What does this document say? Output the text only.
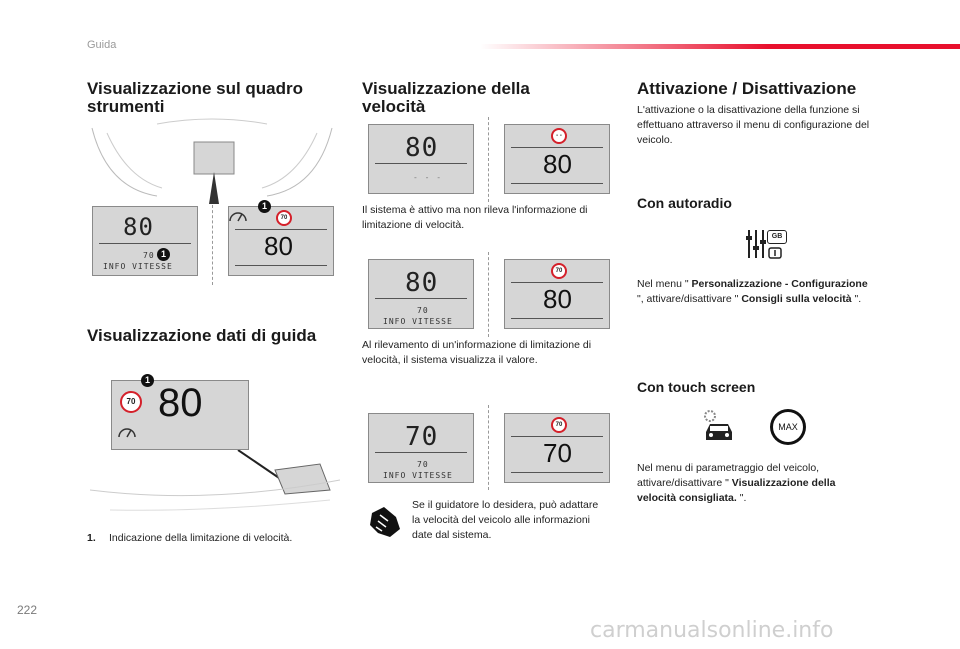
Guida
Visualizzazione sul quadro strumenti
80
70
INFO VITESSE
1
70
80
1
Visualizzazione dati di guida
70 80
1
1. Indicazione della limitazione di velocità.
Visualizzazione della velocità
80
- - -
- -
80
Il sistema è attivo ma non rileva l'informazione di limitazione di velocità.
80
70
INFO VITESSE
70
80
Al rilevamento di un'informazione di limitazione di velocità, il sistema visualizza il valore.
70
70
INFO VITESSE
70
70
Se il guidatore lo desidera, può adattare la velocità del veicolo alle informazioni date dal sistema.
Attivazione / Disattivazione
L'attivazione o la disattivazione della funzione si effettuano attraverso il menu di configurazione del veicolo.
Con autoradio
GB
Nel menu " Personalizzazione - Configurazione ", attivare/disattivare " Consigli sulla velocità ".
Con touch screen
MAX
Nel menu di parametraggio del veicolo, attivare/disattivare " Visualizzazione della velocità consigliata. ".
222
carmanualsonline.info
